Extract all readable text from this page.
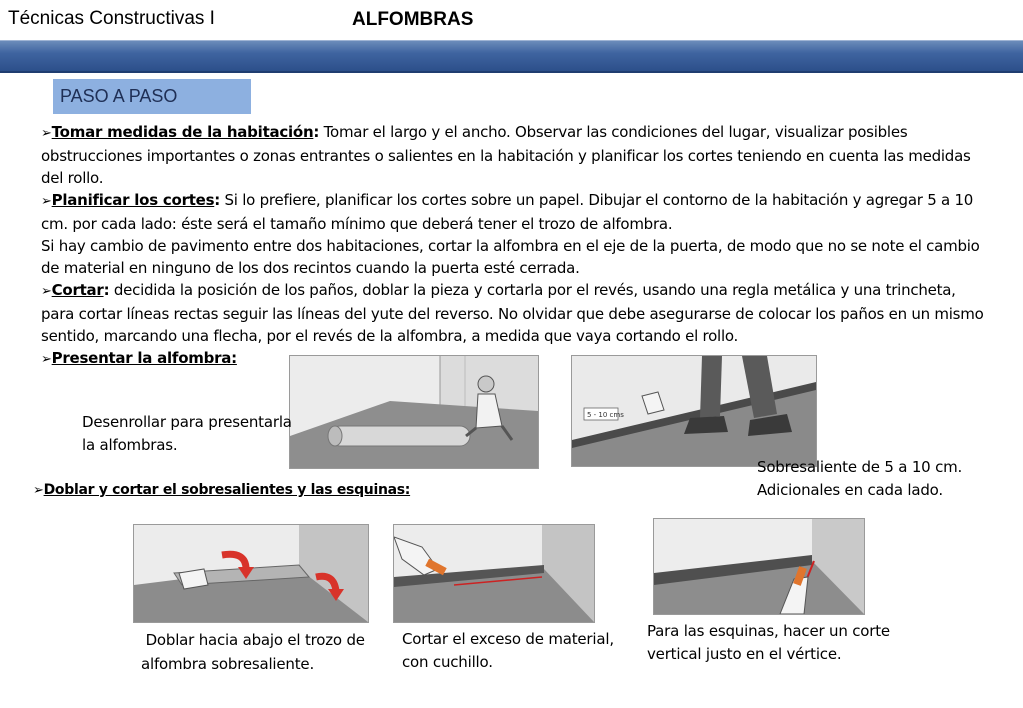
Técnicas Constructivas I	ALFOMBRAS
PASO A PASO

➢Tomar medidas de la habitación: Tomar el largo y el ancho. Observar las condiciones del lugar, visualizar posibles obstrucciones importantes o zonas entrantes o salientes en la habitación y planificar los cortes teniendo en cuenta las medidas del rollo.

➢Planificar los cortes: Si lo prefiere, planificar los cortes sobre un papel. Dibujar el contorno de la habitación y agregar 5 a 10 cm. por cada lado: éste será el tamaño mínimo que deberá tener el trozo de alfombra.

Si hay cambio de pavimento entre dos habitaciones, cortar la alfombra en el eje de la puerta, de modo que no se note el cambio de material en ninguno de los dos recintos cuando la puerta esté cerrada.

➢Cortar: decidida la posición de los paños, doblar la pieza y cortarla por el revés, usando una regla metálica y una trincheta, para cortar líneas rectas seguir las líneas del yute del reverso. No olvidar que debe asegurarse de colocar los paños en un mismo sentido, marcando una flecha, por el revés de la alfombra, a medida que vaya cortando el rollo.

➢Presentar la alfombra:

5 - 10 cms
Desenrollar para presentarla
la alfombras.
Sobresaliente de 5 a 10 cm.
Adicionales en cada lado.
➢Doblar y cortar el sobresalientes y las esquinas:
Doblar hacia abajo el trozo de
alfombra sobresaliente.
Cortar el exceso de material,
con cuchillo.
Para las esquinas, hacer un corte
vertical justo en el vértice.
